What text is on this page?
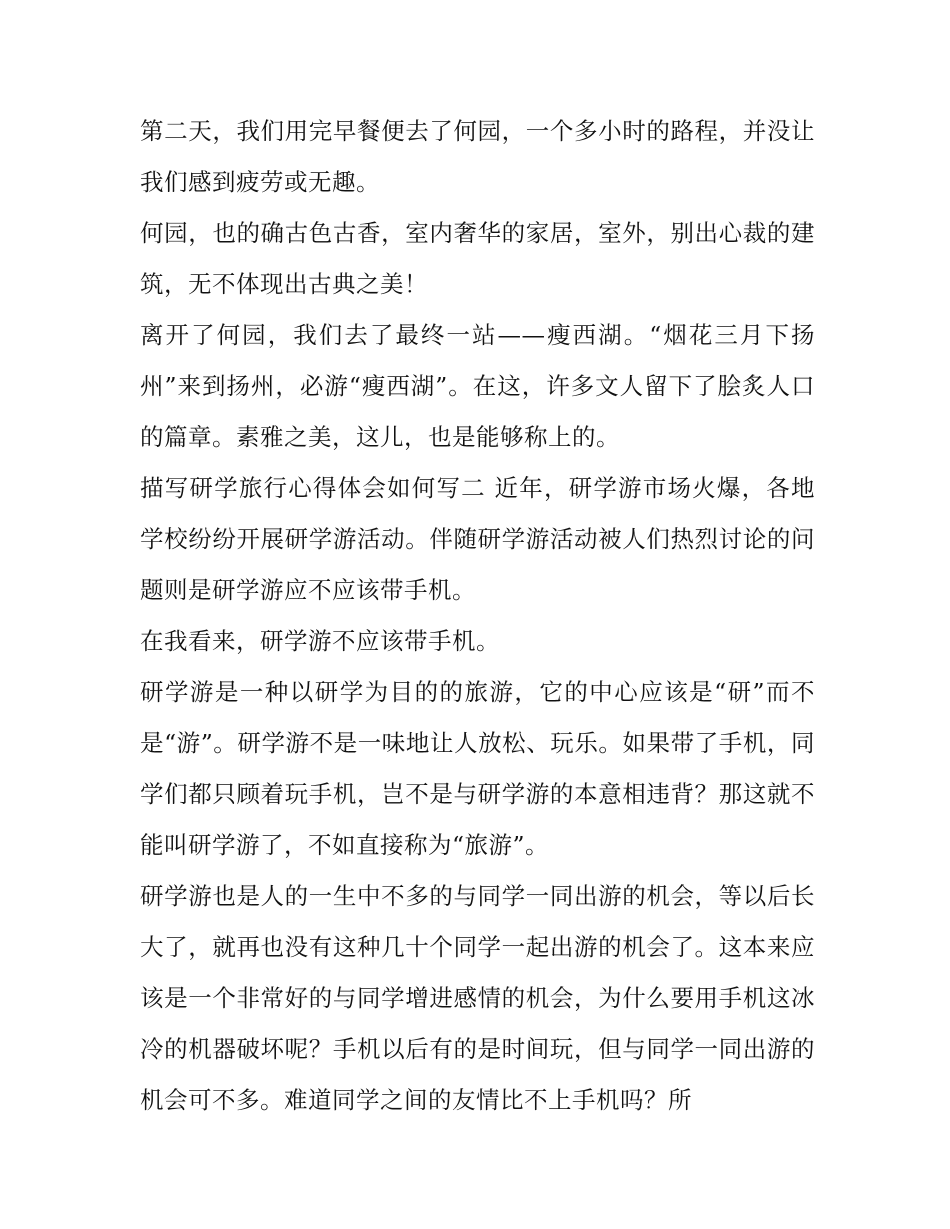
第二天，我们用完早餐便去了何园，一个多小时的路程，并没让我们感到疲劳或无趣。

何园，也的确古色古香，室内奢华的家居，室外，别出心裁的建筑，无不体现出古典之美！

离开了何园，我们去了最终一站——瘦西湖。“烟花三月下扬州”来到扬州，必游“瘦西湖”。在这，许多文人留下了脍炙人口的篇章。素雅之美，这儿，也是能够称上的。

描写研学旅行心得体会如何写二 近年，研学游市场火爆，各地学校纷纷开展研学游活动。伴随研学游活动被人们热烈讨论的问题则是研学游应不应该带手机。

在我看来，研学游不应该带手机。

研学游是一种以研学为目的的旅游，它的中心应该是“研”而不是“游”。研学游不是一味地让人放松、玩乐。如果带了手机，同学们都只顾着玩手机，岂不是与研学游的本意相违背？那这就不能叫研学游了，不如直接称为“旅游”。

研学游也是人的一生中不多的与同学一同出游的机会，等以后长大了，就再也没有这种几十个同学一起出游的机会了。这本来应该是一个非常好的与同学增进感情的机会，为什么要用手机这冰冷的机器破坏呢？手机以后有的是时间玩，但与同学一同出游的机会可不多。难道同学之间的友情比不上手机吗？所
